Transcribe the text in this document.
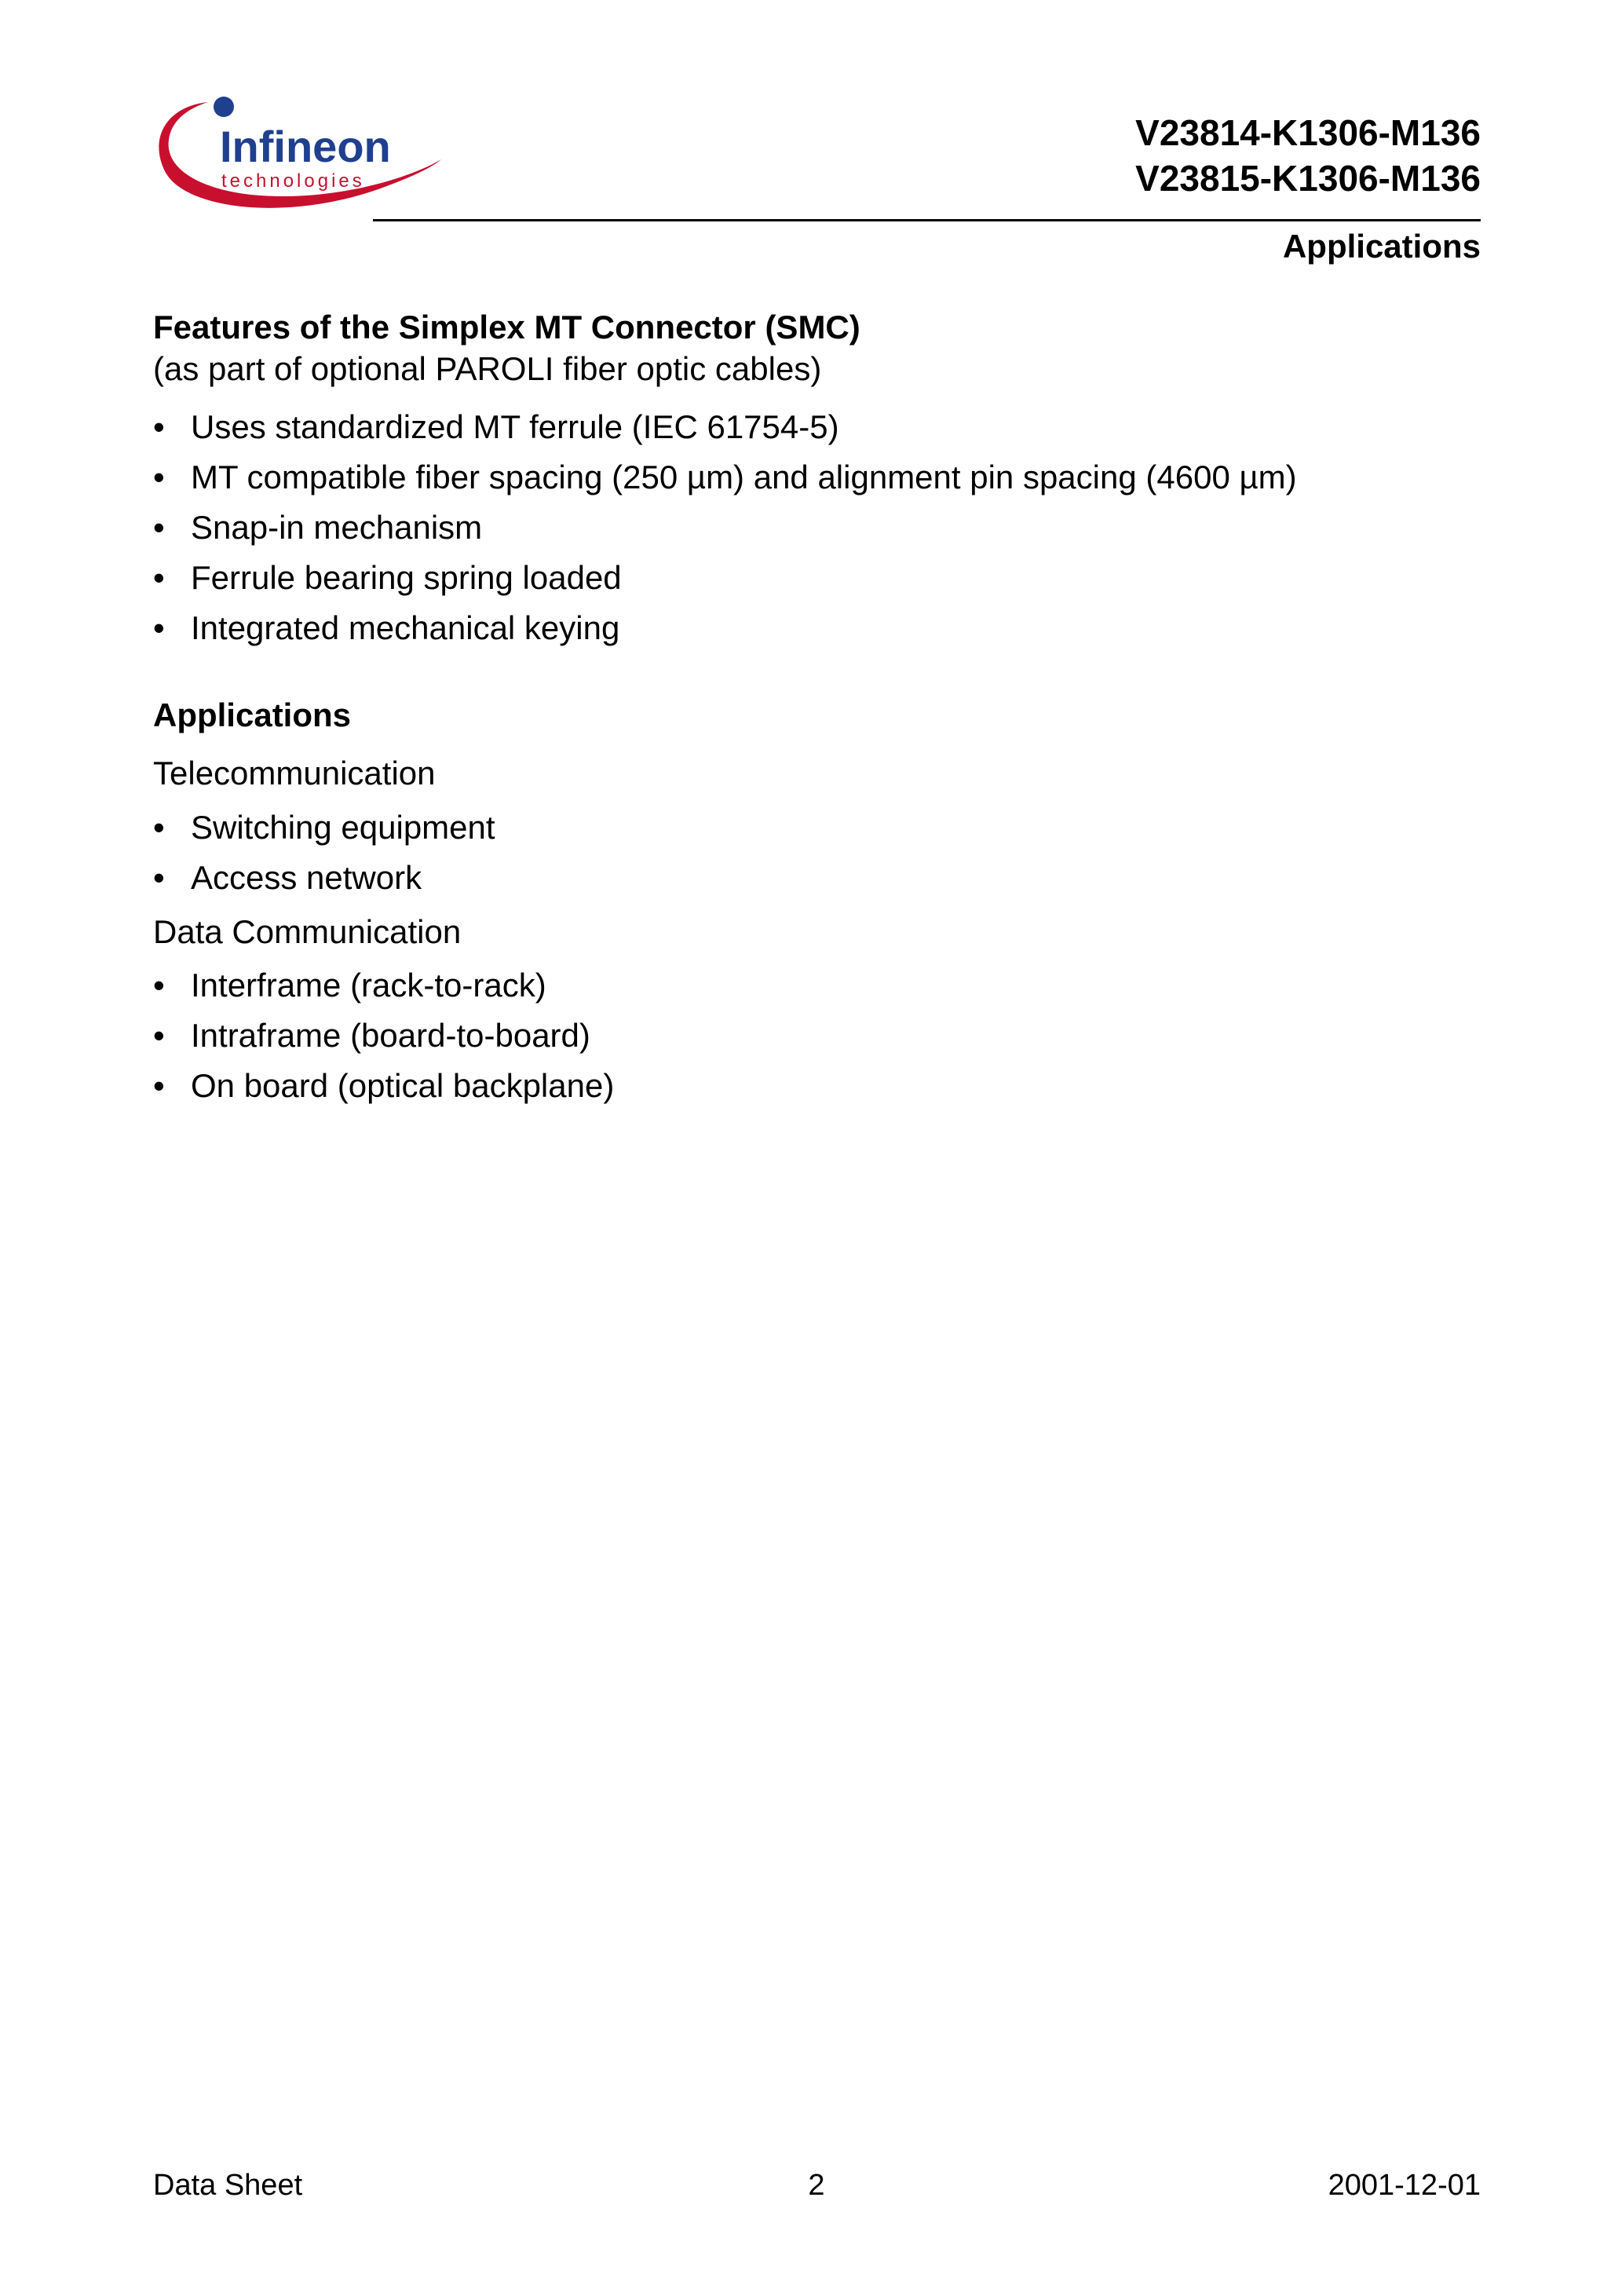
Infineon
technologies
V23814-K1306-M136
V23815-K1306-M136
Applications
Features of the Simplex MT Connector (SMC)
(as part of optional PAROLI fiber optic cables)
• Uses standardized MT ferrule (IEC 61754-5)
• MT compatible fiber spacing (250 µm) and alignment pin spacing (4600 µm)
• Snap-in mechanism
• Ferrule bearing spring loaded
• Integrated mechanical keying
Applications
Telecommunication
• Switching equipment
• Access network
Data Communication
• Interframe (rack-to-rack)
• Intraframe (board-to-board)
• On board (optical backplane)
Data Sheet	2	2001-12-01
